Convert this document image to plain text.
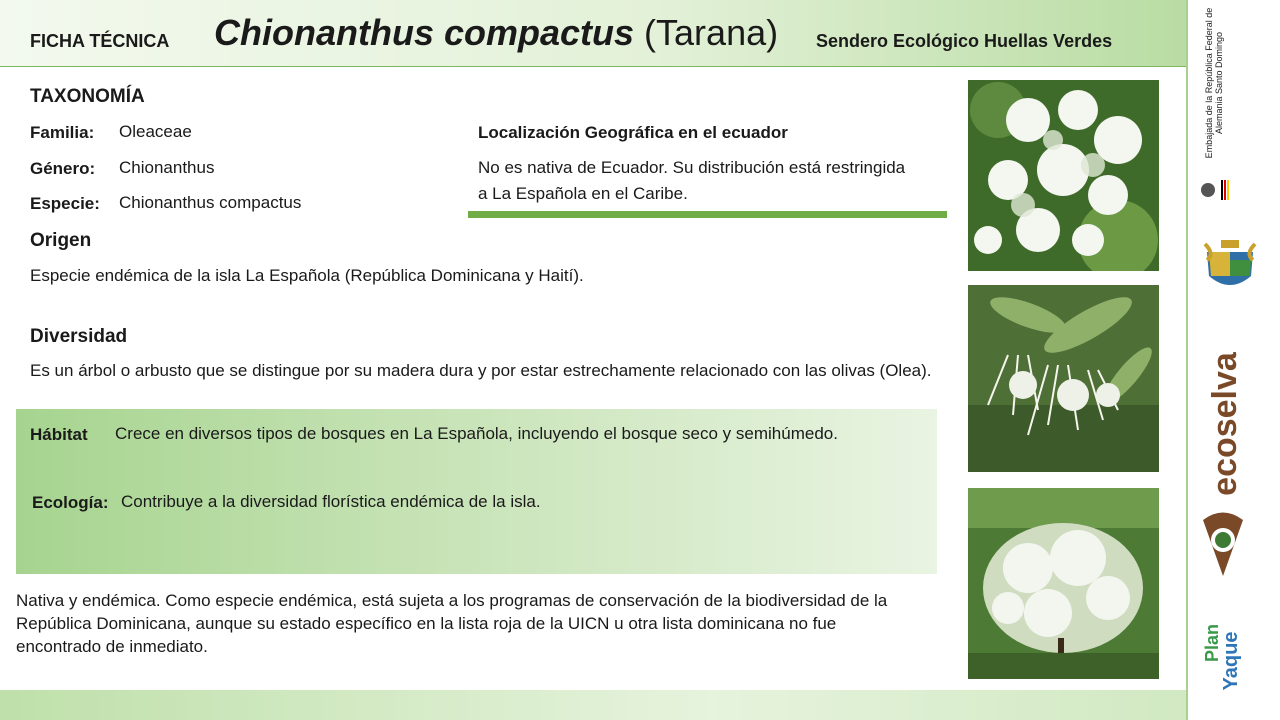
FICHA TÉCNICA Chionanthus compactus (Tarana) Sendero Ecológico Huellas Verdes
TAXONOMÍA
Familia: Oleaceae
Género: Chionanthus
Especie: Chionanthus compactus
Localización Geográfica en el ecuador
No es nativa de Ecuador. Su distribución está restringida a La Española en el Caribe.
Origen
Especie endémica de la isla La Española (República Dominicana y Haití).
Diversidad
Es un árbol o arbusto que se distingue por su madera dura y por estar estrechamente relacionado con las olivas (Olea).
Hábitat Crece en diversos tipos de bosques en La Española, incluyendo el bosque seco y semihúmedo.
Ecología: Contribuye a la diversidad florística endémica de la isla.
Nativa y endémica. Como especie endémica, está sujeta a los programas de conservación de la biodiversidad de la República Dominicana, aunque su estado específico en la lista roja de la UICN u otra lista dominicana no fue encontrado de inmediato.
Embajada de la República Federal de Alemania Santo Domingo
ecoselva
Plan
Yaque
